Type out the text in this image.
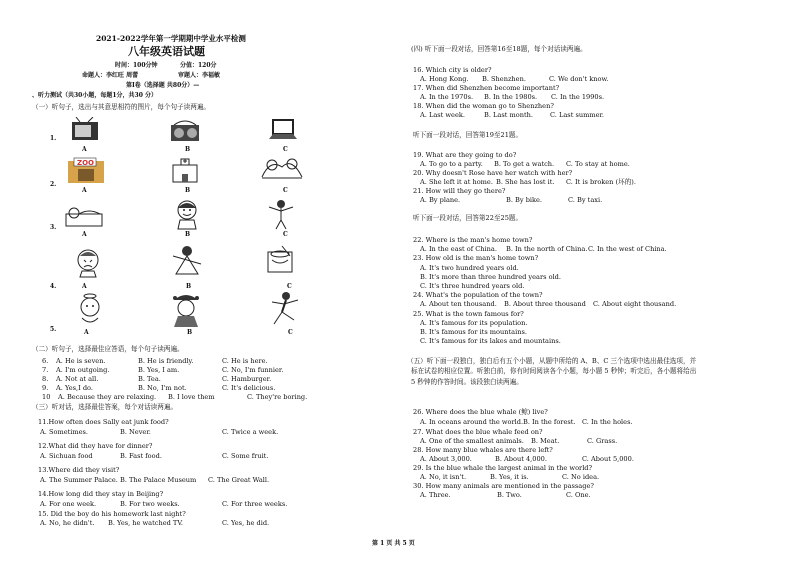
2021-2022学年第一学期期中学业水平检测
八年级英语试题
时间：100分钟	分值：120分
命题人：李红旺 周蕾	审题人：李福敏
第Ⅰ卷（选择题 共80分）—
、听力测试（共30小题，每题1分，共30 分）
（一）听句子，选出与其意思相符的图片，每个句子读两遍。
1.
A	B	C
2.
ZOO
A	B	C
3.
A	B	C
4.	A	B	C
5.	A	B	C
（二）听句子，选择最佳应答语，每个句子读两遍。
6. A. He is seven.	B. He is friendly.	C. He is here.
7. A. I'm outgoing.	B. Yes, I am.	C. No, I'm funnier.
8. A. Not at all.	B. Tea.	C. Hamburger.
9. A. Yes,I do.	B. No, I'm not.	C. It's delicious.
10 A. Because they are relaxing. B. I love them	C. They're boring.
（三）听对话，选择最佳答案，每个对话读两遍。
11.How often does Sally eat junk food?
A. Sometimes.	B. Never.	C. Twice a week.
12.What did they have for dinner?
A. Sichuan food	B. Fast food.	C. Some fruit.
13.Where did they visit?
A. The Summer Palace. B. The Palace Museum C. The Great Wall.
14.How long did they stay in Beijing?
A. For one week.	B. For two weeks.	C. For three weeks.
15. Did the boy do his homework last night?
A. No, he didn't. B. Yes, he watched TV.	C. Yes, he did.
(四) 听下面一段对话，回答第16至18题，每个对话读两遍。
16. Which city is older?
A. Hong Kong. B. Shenzhen.	C. We don't know.
17. When did Shenzhen become important?
A. In the 1970s. B. In the 1980s. C. In the 1990s.
18. When did the woman go to Shenzhen?
A. Last week.	B. Last month.	C. Last summer.
听下面一段对话，回答第19至21题。
19. What are they going to do?
A. To go to a party. B. To get a watch. C. To stay at home.
20. Why doesn't Rose have her watch with her?
A. She left it at home. B. She has lost it. C. It is broken (坏的).
21. How will they go there?
A. By plane.	B. By bike.	C. By taxi.
听下面一段对话，回答第22至25题。
22. Where is the man's home town?
A. In the east of China. B. In the north of China. C. In the west of China.
23. How old is the man's home town?
A. It's two hundred years old.
B. It's more than three hundred years old.
C. It's three hundred years old.
24. What's the population of the town?
A. About ten thousand. B. About three thousand C. About eight thousand.
25. What is the town famous for?
A. It's famous for its population.
B. It's famous for its mountains.
C. It's famous for its lakes and mountains.
（五）听下面一段独白，独白后有五个小题，从题中所给的 A、B、C 三个选项中选出最佳选项，并
标在试卷的相应位置。听独白前，你有时间阅读各个小题，每小题 5 秒钟；听完后，各小题将给出
5 秒钟的作答时间。该段独白读两遍。
26. Where does the blue whale (鲸) live?
A. In oceans around the world. B. In the forest. C. In the holes.
27. What does the blue whale feed on?
A. One of the smallest animals. B. Meat.	C. Grass.
28. How many blue whales are there left?
A. About 3,000.	B. About 4,000.	C. About 5,000.
29. Is the blue whale the largest animal in the world?
A. No, it isn't.	B. Yes, it is.	C. No idea.
30. How many animals are mentioned in the passage?
A. Three.	B. Two.	C. One.
第 1 页 共 5 页
